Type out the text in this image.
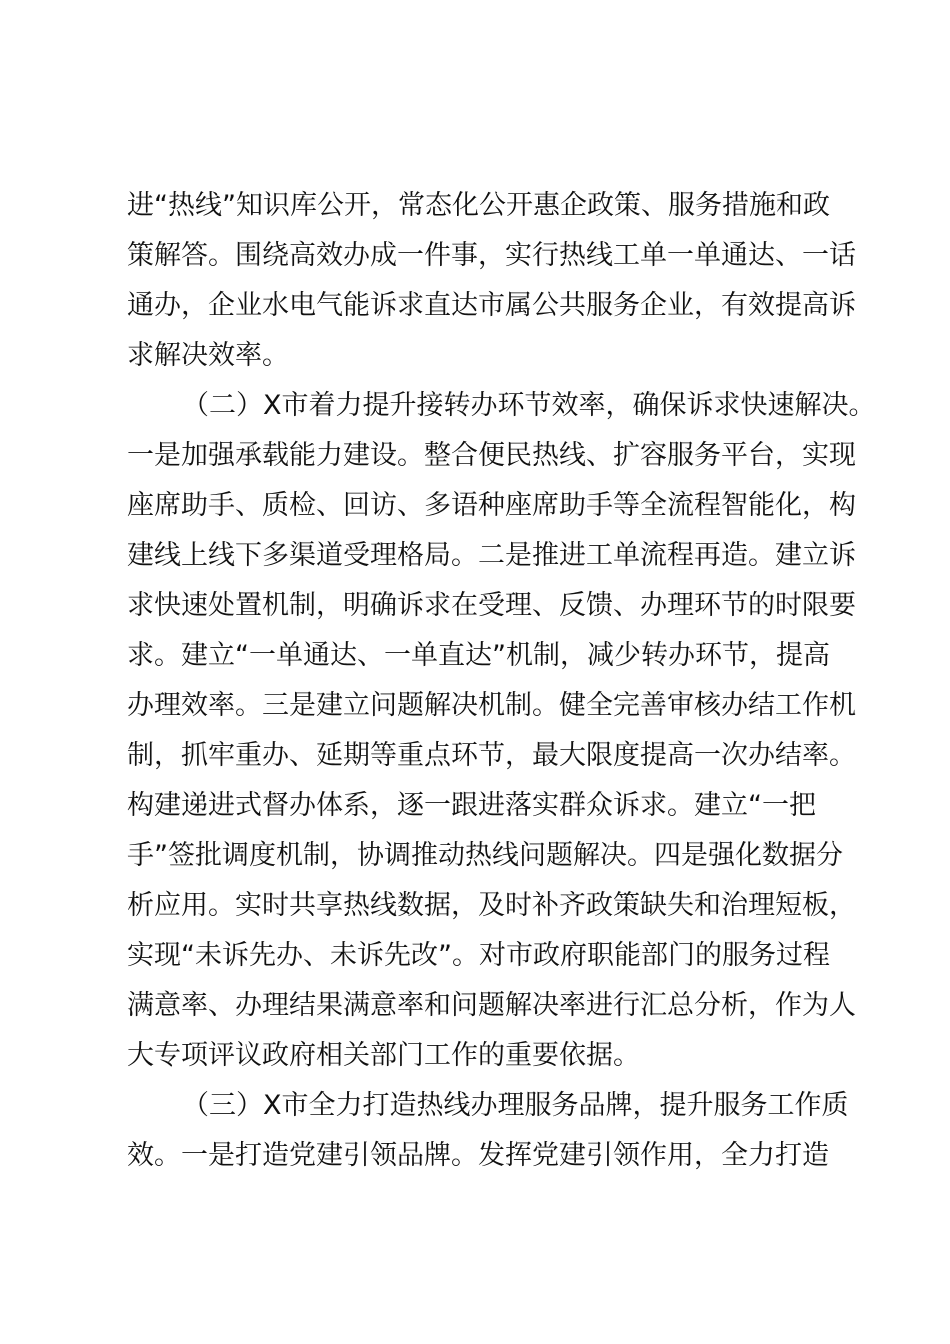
进“热线”知识库公开，常态化公开惠企政策、服务措施和政
策解答。围绕高效办成一件事，实行热线工单一单通达、一话
通办，企业水电气能诉求直达市属公共服务企业，有效提高诉
求解决效率。
（二）X市着力提升接转办环节效率，确保诉求快速解决。
一是加强承载能力建设。整合便民热线、扩容服务平台，实现
座席助手、质检、回访、多语种座席助手等全流程智能化，构
建线上线下多渠道受理格局。二是推进工单流程再造。建立诉
求快速处置机制，明确诉求在受理、反馈、办理环节的时限要
求。建立“一单通达、一单直达”机制，减少转办环节，提高
办理效率。三是建立问题解决机制。健全完善审核办结工作机
制，抓牢重办、延期等重点环节，最大限度提高一次办结率。
构建递进式督办体系，逐一跟进落实群众诉求。建立“一把
手”签批调度机制，协调推动热线问题解决。四是强化数据分
析应用。实时共享热线数据，及时补齐政策缺失和治理短板，
实现“未诉先办、未诉先改”。对市政府职能部门的服务过程
满意率、办理结果满意率和问题解决率进行汇总分析，作为人
大专项评议政府相关部门工作的重要依据。
（三）X市全力打造热线办理服务品牌，提升服务工作质
效。一是打造党建引领品牌。发挥党建引领作用，全力打造
